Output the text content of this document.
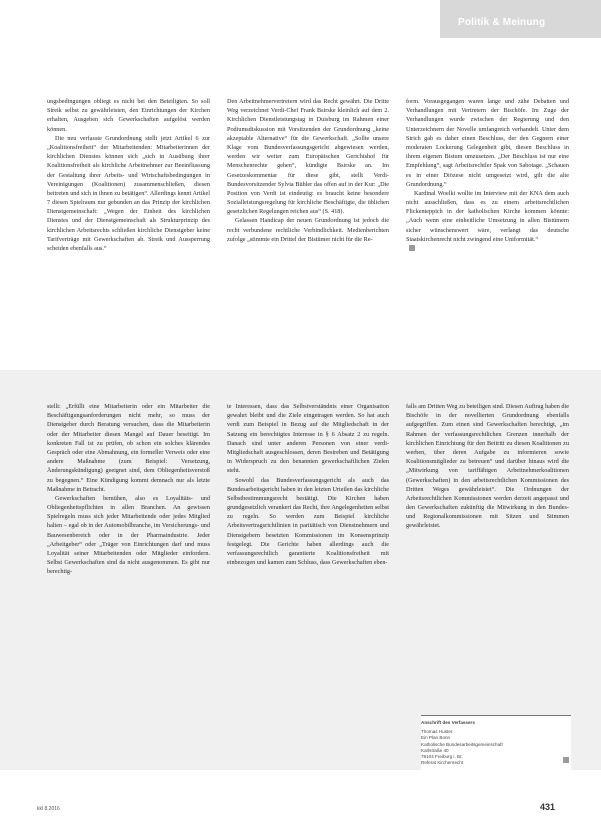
Politik & Meinung

ungsbedingungen obliegt es nicht bei den Beteiligten. So soll Streik selbst zu gewährleisten, den Einrichtungen der Kirchen erhalten, Ausgeben sich Gewerkschaften aufgelöst werden können.

Die neu verfasste Grundordnung stellt jetzt Artikel 6 zur „Koalitionsfreiheit“ der Mitarbeitenden: Mitarbeiterinnen der kirchlichen Dienstes können sich „sich in Ausübung ihrer Koalitionsfreiheit als kirchliche Arbeitnehmer zur Beeinflussung der Gestaltung ihrer Arbeits- und Wirtschaftsbedingungen in Vereinigungen (Koalitionen) zusammenschließen, diesen beitreten und sich in ihnen zu betätigen“. Allerdings kennt Artikel 7 diesen Spielraum nur gebunden an das Prinzip der kirchlichen Dienstgemeinschaft: „Wegen der Einheit des kirchlichen Dienstes und der Dienstgemeinschaft als Strukturprinzip des kirchlichen Arbeitsrechts schließen kirchliche Dienstgeber keine Tarifverträge mit Gewerkschaften ab. Streik und Aussperrung scheiden ebenfalls aus.“

Den Arbeitnehmervertretern wird das Recht gewährt. Die Dritte Weg verzeichnet Verdi-Chef Frank Bsirske kleinlich auf dem 2. Kirchlichen Dienstleistungstag in Duisburg im Rahmen einer Podiumsdiskussion mit Vorsitzenden der Grundordnung „keine akzeptable Alternative“ für die Gewerkschaft. „Sollte unsere Klage vom Bundesverfassungsgericht abgewiesen werden, werden wir weiter zum Europäischen Gerichtshof für Menschenrechte gehen“, kündigte Bsirske an. Im Gesetzeskommentar für diese gibt, stellt Verdi-Bundesvorsitzender Sylvia Bühler das offen auf in der Kur: „Die Position von Verdi ist eindeutig: es braucht keine besondere Sozialleistungsregelung für kirchliche Beschäftigte, die üblichen gesetzlichen Regelungen reichen aus“ (S. 418).

Gelassen Handicap der neuen Grundordnung ist jedoch die recht verbundene rechtliche Verbindlichkeit. Medienberichten zufolge „stimmte ein Drittel der Bistümer nicht für die Re-

form. Vorausgegangen waren lange und zähe Debatten und Verhandlungen mit Vertretern der Bischöfe. Im Zuge der Verhandlungen wurde zwischen der Regierung und den Unterzeichnern der Novelle umfangreich verhandelt. Unter dem Strich gab es daher einen Beschluss, der den Gegnern einer moderaten Lockerung Gelegenheit gibt, diesen Beschluss in ihrem eigenen Bistum umzusetzen. „Der Beschluss ist nur eine Empfehlung“, sagt Arbeitsrechtler Spak von Sabotage. „Schauen es in einer Diözese nicht umgesetzt wird, gilt die alte Grundordnung.“

Kardinal Woelki wollte im Interview mit der KNA dem auch nicht ausschließen, dass es zu einem arbeitsrechtlichen Flickenteppich in der katholischen Kirche kommen könnte: „Auch wenn eine einheitliche Umsetzung in allen Bistümern sicher wünschenswert wäre, verlangt das deutsche Staatskirchenrecht nicht zwingend eine Uniformität.“

stellt: „Erfüllt eine Mitarbeiterin oder ein Mitarbeiter die Beschäftigungsanforderungen nicht mehr, so muss der Dienstgeber durch Beratung versuchen, dass die Mitarbeiterin oder der Mitarbeiter diesen Mangel auf Dauer beseitigt. Im konkreten Fall ist zu prüfen, ob schon ein solches klärendes Gespräch oder eine Abmahnung, ein formeller Verweis oder eine andere Maßnahme (zum Beispiel: Versetzung, Änderungskündigung) geeignet sind, dem Obliegenheitsverstoß zu begegnen.“ Eine Kündigung kommt demnach nur als letzte Maßnahme in Betracht.

Gewerkschaften bemühen, also es Loyalitäts- und Obliegenheitspflichten in allen Branchen. An gewissen Spielregeln muss sich jeder Mitarbeitende oder jedes Mitglied halten – egal ob in der Automobilbranche, im Versicherungs- und Bauwesenbereich oder in der Pharmaindustrie. Jeder „Arbeitgeber“ oder „Träger von Einrichtungen darf und muss Loyalität seiner Mitarbeitenden oder Mitglieder einfordern. Selbst Gewerkschaften sind da nicht ausgenommen. Es gibt nur berechtig-

te Interessen, dass das Selbstverständnis einer Organisation gewahrt bleibt und die Ziele eingetragen werden. So hat auch verdi zum Beispiel in Bezug auf die Mitgliedschaft in der Satzung ein berechtigtes Interesse in § 6 Absatz 2 zu regeln. Danach sind unter anderen Personen von einer verdi-Mitgliedschaft ausgeschlossen, deren Bestreben und Betätigung in Widerspruch zu den benannten gewerkschaftlichen Zielen steht.

Sowohl das Bundesverfassungsgericht als auch das Bundesarbeitsgericht haben in den letzten Urteilen das kirchliche Selbstbestimmungsrecht bestätigt. Die Kirchen haben grundgesetzlich verankert das Recht, ihre Angelegenheiten selbst zu regeln. So werden zum Beispiel kirchliche Arbeitsvertragsrichtlinien in paritätisch von Dienstnehmern und Dienstgebern besetzten Kommissionen im Konsensprinzip festgelegt. Die Gerichte haben allerdings auch die verfassungsrechtlich garantierte Koalitionsfreiheit mit einbezogen und kamen zum Schluss, dass Gewerkschaften eben-

falls am Dritten Weg zu beteiligen sind. Diesen Auftrag haben die Bischöfe in der novellierten Grundordnung ebenfalls aufgegriffen. Zum einen sind Gewerkschaften berechtigt, „im Rahmen der verfassungsrechtlichen Grenzen innerhalb der kirchlichen Einrichtung für den Beitritt zu diesen Koalitionen zu werben, über deren Aufgabe zu informieren sowie Koalitionsmitglieder zu betreuen“ und darüber hinaus wird die „Mitwirkung von tariffähigen Arbeitnehmerkoalitionen (Gewerkschaften) in den arbeitsrechtlichen Kommissionen des Dritten Weges gewährleistet“. Die Ordnungen der Arbeitsrechtlichen Kommissionen werden derzeit angepasst und den Gewerkschaften zukünftig die Mitwirkung in den Bundes- und Regionalkommissionen mit Sitzen und Stimmen gewährleistet.

Anschrift des Verfassers
Thomas Huster
Ein Plan Bonn
Katholische Bundesarbeitsgemeinschaft
Karlstraße 40
79104 Freiburg i. Br.
Referat Kirchenrecht
kkl 8.2016	431
